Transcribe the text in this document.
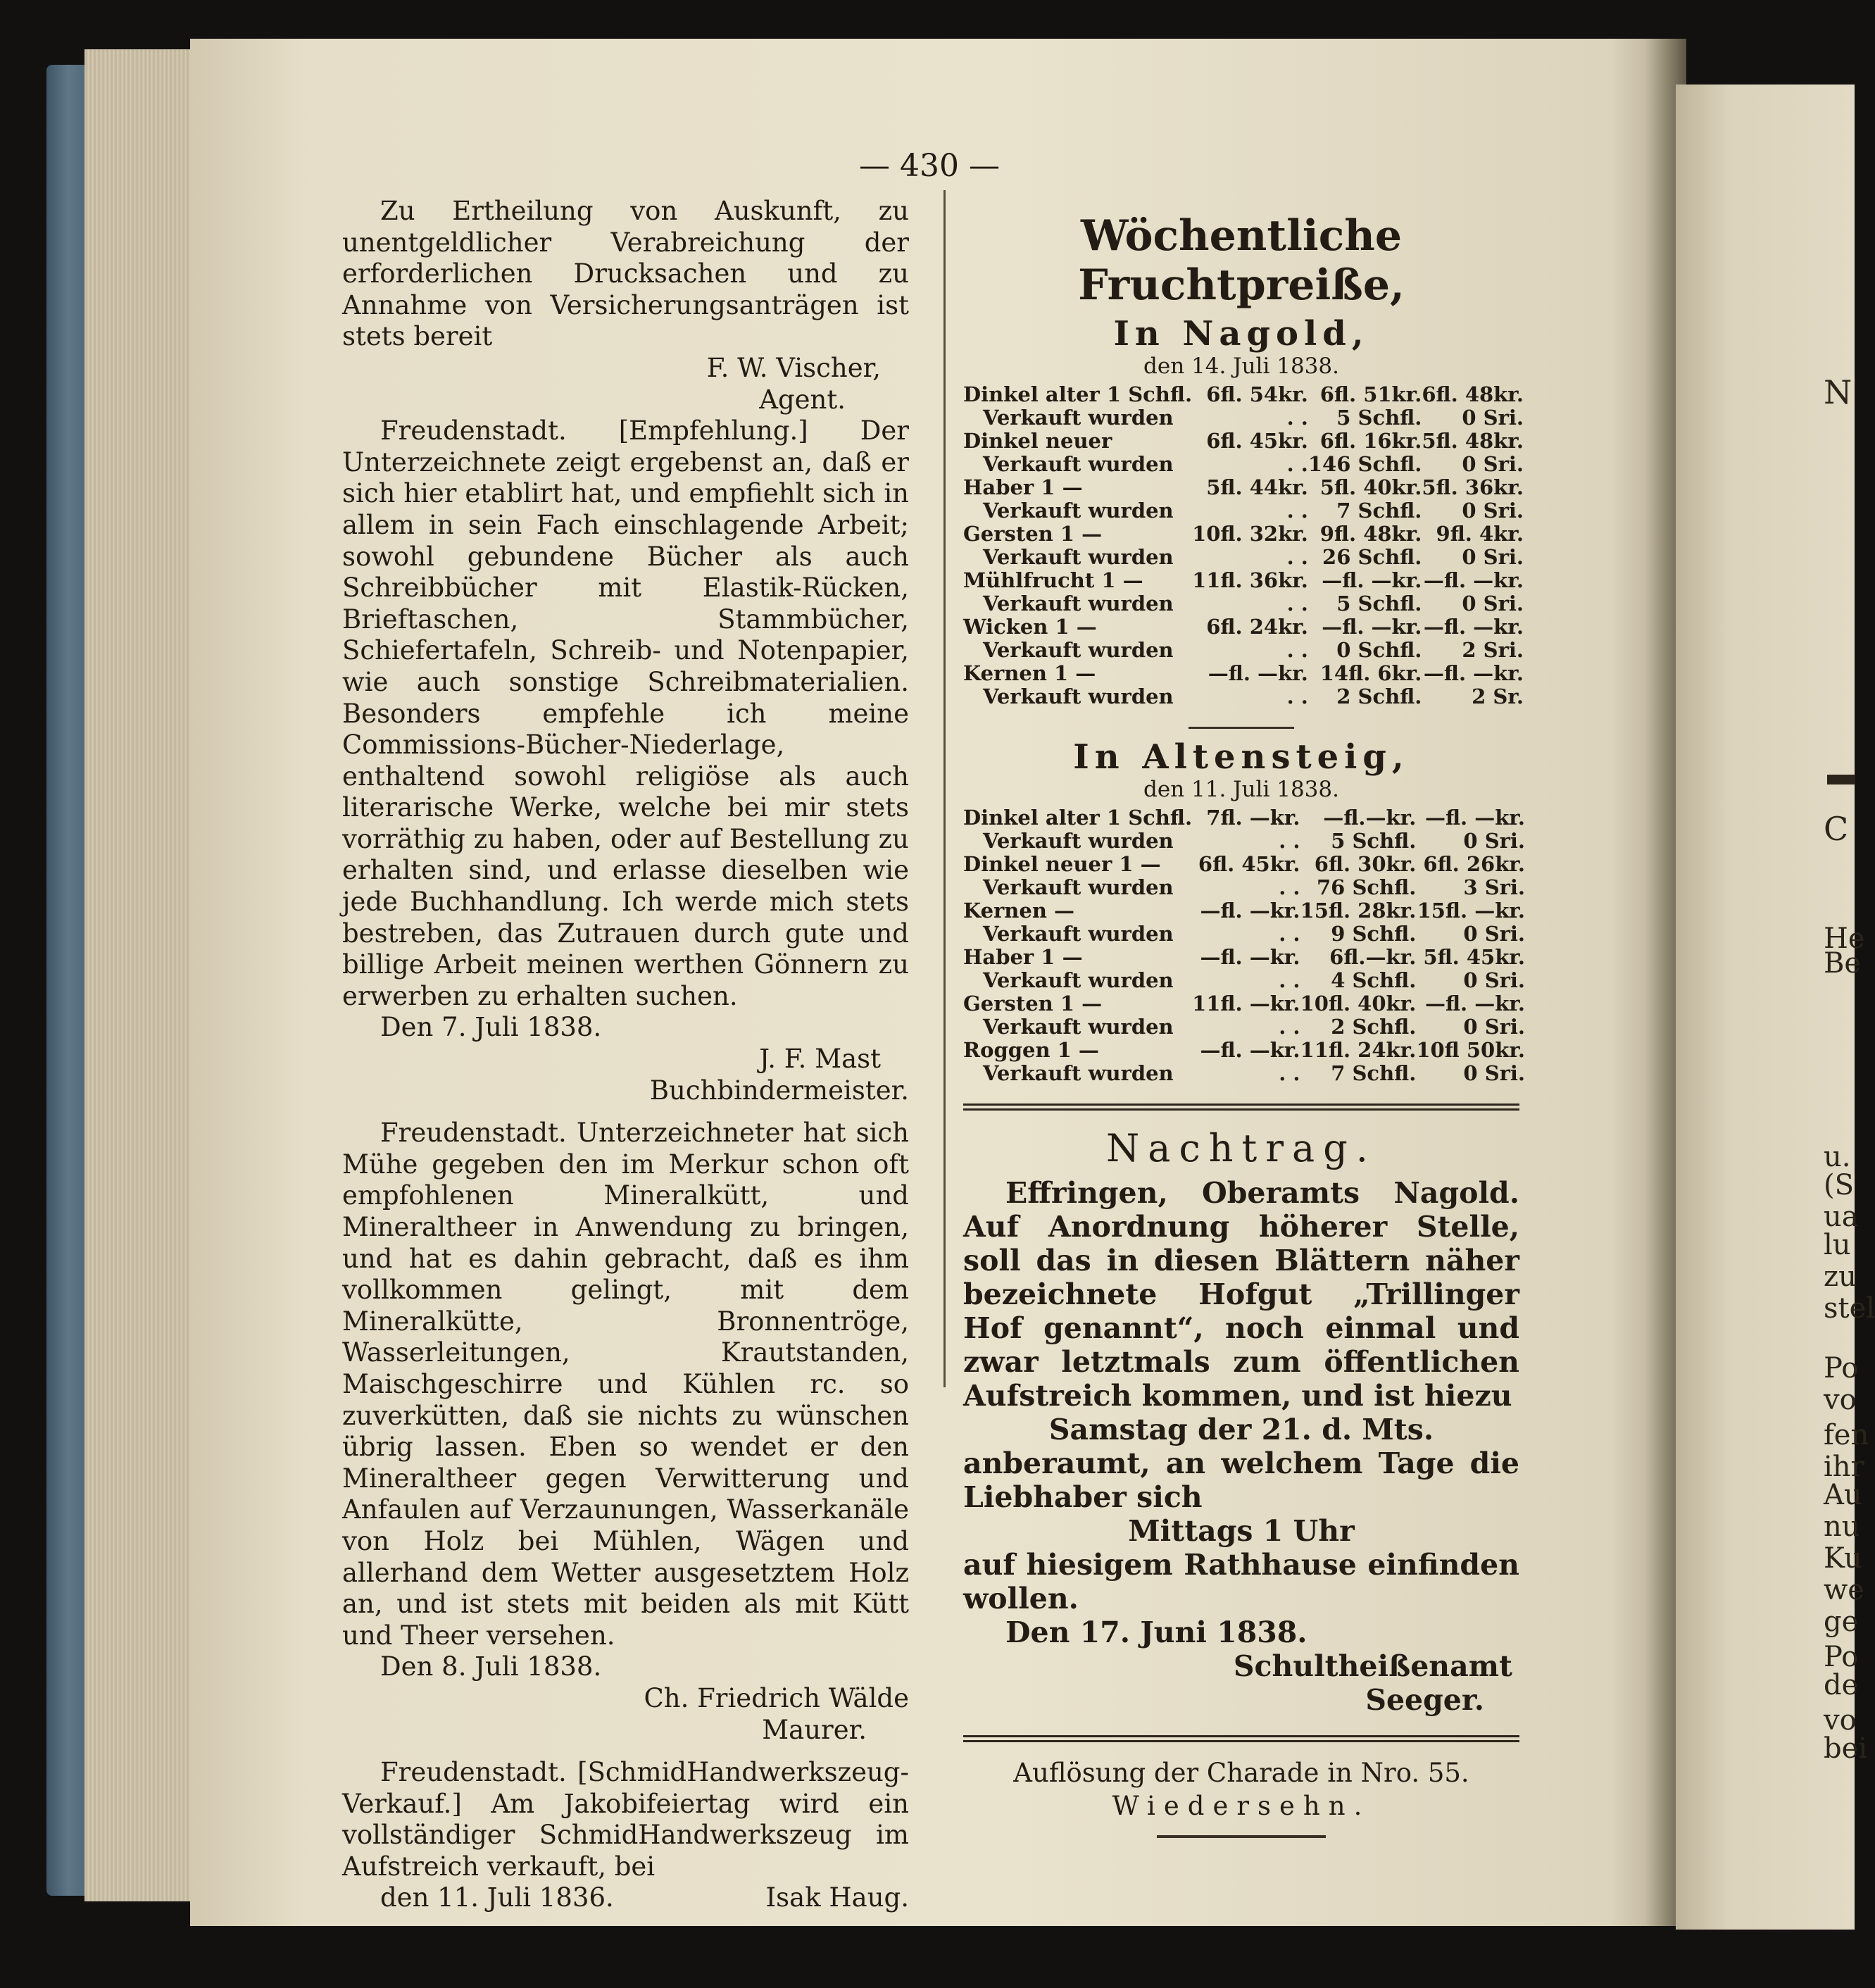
— 430 —

Zu Ertheilung von Auskunft, zu unentgeldlicher Verabreichung der erforderlichen Drucksachen und zu Annahme von Versicherungsanträgen ist stets bereit

F. W. Vischer,

Agent.

Freudenstadt. [Empfehlung.] Der Unterzeichnete zeigt ergebenst an, daß er sich hier etablirt hat, und empfiehlt sich in allem in sein Fach einschlagende Arbeit; sowohl gebundene Bücher als auch Schreibbücher mit Elastik-Rücken, Brieftaschen, Stammbücher, Schiefertafeln, Schreib- und Notenpapier, wie auch sonstige Schreibmaterialien. Besonders empfehle ich meine Commissions-Bücher-Niederlage, enthaltend sowohl religiöse als auch literarische Werke, welche bei mir stets vorräthig zu haben, oder auf Bestellung zu erhalten sind, und erlasse dieselben wie jede Buchhandlung. Ich werde mich stets bestreben, das Zutrauen durch gute und billige Arbeit meinen werthen Gönnern zu erwerben zu erhalten suchen.

Den 7. Juli 1838.

J. F. Mast

Buchbindermeister.

Freudenstadt. Unterzeichneter hat sich Mühe gegeben den im Merkur schon oft empfohlenen Mineralkütt, und Mineraltheer in Anwendung zu bringen, und hat es dahin gebracht, daß es ihm vollkommen gelingt, mit dem Mineralkütte, Bronnentröge, Wasserleitungen, Krautstanden, Maischgeschirre und Kühlen rc. so zuverkütten, daß sie nichts zu wünschen übrig lassen. Eben so wendet er den Mineraltheer gegen Verwitterung und Anfaulen auf Verzaunungen, Wasserkanäle von Holz bei Mühlen, Wägen und allerhand dem Wetter ausgesetztem Holz an, und ist stets mit beiden als mit Kütt und Theer versehen.

Den 8. Juli 1838.

Ch. Friedrich Wälde

Maurer.

Freudenstadt. [SchmidHandwerkszeug-Verkauf.] Am Jakobifeiertag wird ein vollständiger SchmidHandwerkszeug im Aufstreich verkauft, bei

den 11. Juli 1836.	Isak Haug.
Wöchentliche Fruchtpreiße,
In Nagold,
den 14. Juli 1838.
Dinkel alter 1 Schfl.	6fl. 54kr.	6fl. 51kr.	6fl. 48kr.
Verkauft wurden	. .	5 Schfl.	0 Sri.
Dinkel neuer	6fl. 45kr.	6fl. 16kr.	5fl. 48kr.
Verkauft wurden	. .	146 Schfl.	0 Sri.
Haber 1 —	5fl. 44kr.	5fl. 40kr.	5fl. 36kr.
Verkauft wurden	. .	7 Schfl.	0 Sri.
Gersten 1 —	10fl. 32kr.	9fl. 48kr.	9fl. 4kr.
Verkauft wurden	. .	26 Schfl.	0 Sri.
Mühlfrucht 1 —	11fl. 36kr.	—fl. —kr.	—fl. —kr.
Verkauft wurden	. .	5 Schfl.	0 Sri.
Wicken 1 —	6fl. 24kr.	—fl. —kr.	—fl. —kr.
Verkauft wurden	. .	0 Schfl.	2 Sri.
Kernen 1 —	—fl. —kr.	14fl. 6kr.	—fl. —kr.
Verkauft wurden	. .	2 Schfl.	2 Sr.
In Altensteig,
den 11. Juli 1838.
Dinkel alter 1 Schfl.	7fl. —kr.	—fl.—kr.	—fl. —kr.
Verkauft wurden	. .	5 Schfl.	0 Sri.
Dinkel neuer 1 —	6fl. 45kr.	6fl. 30kr.	6fl. 26kr.
Verkauft wurden	. .	76 Schfl.	3 Sri.
Kernen —	—fl. —kr.	15fl. 28kr.	15fl. —kr.
Verkauft wurden	. .	9 Schfl.	0 Sri.
Haber 1 —	—fl. —kr.	6fl.—kr.	5fl. 45kr.
Verkauft wurden	. .	4 Schfl.	0 Sri.
Gersten 1 —	11fl. —kr.	10fl. 40kr.	—fl. —kr.
Verkauft wurden	. .	2 Schfl.	0 Sri.
Roggen 1 —	—fl. —kr.	11fl. 24kr.	10fl 50kr.
Verkauft wurden	. .	7 Schfl.	0 Sri.
Nachtrag.

Effringen, Oberamts Nagold. Auf Anordnung höherer Stelle, soll das in diesen Blättern näher bezeichnete Hofgut „Trillinger Hof genannt“, noch einmal und zwar letztmals zum öffentlichen Aufstreich kommen, und ist hiezu

Samstag der 21. d. Mts.

anberaumt, an welchem Tage die Liebhaber sich

Mittags 1 Uhr

auf hiesigem Rathhause einfinden wollen.

Den 17. Juni 1838.

Schultheißenamt

Seeger.

Auflösung der Charade in Nro. 55.
Wiedersehn.
N
C
He
Be
u.
(S
ua
lu
zu
stel
Po
vo
fen
ihr
Au
nu
Ku
we
ge
Po
de
vo
bei
